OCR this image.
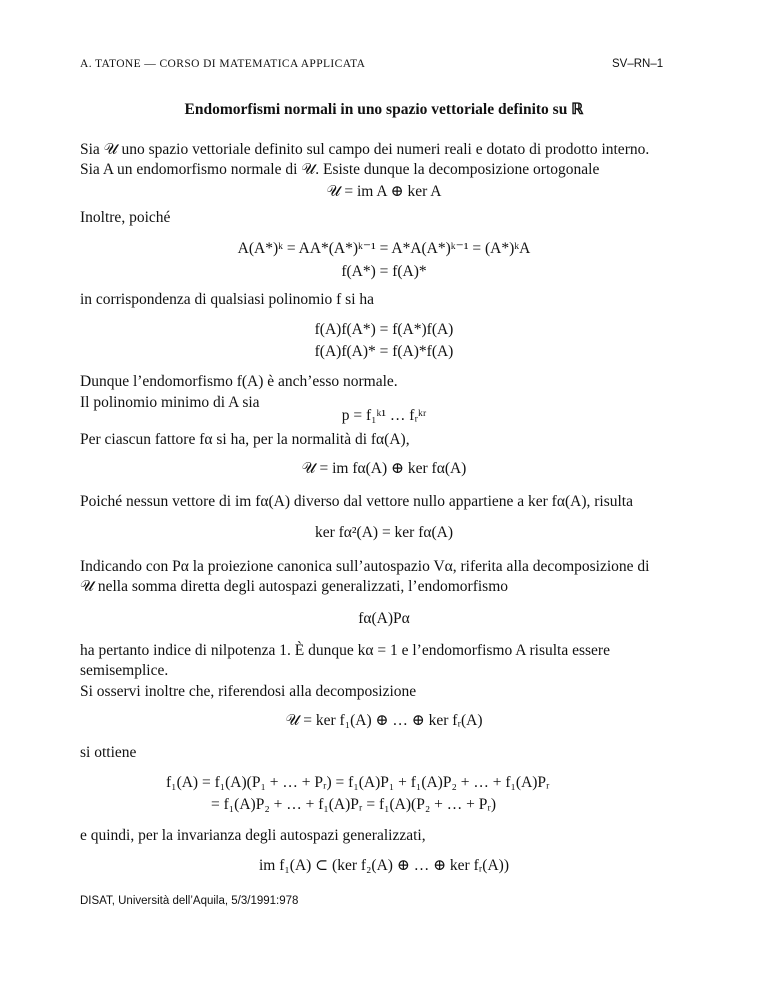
A. TATONE — CORSO DI MATEMATICA APPLICATA	SV–RN–1
Endomorfismi normali in uno spazio vettoriale definito su ℝ
Sia 𝒰 uno spazio vettoriale definito sul campo dei numeri reali e dotato di prodotto interno.
Sia A un endomorfismo normale di 𝒰. Esiste dunque la decomposizione ortogonale
𝒰 = im A ⊕ ker A
Inoltre, poiché
A(A*)ᵏ = AA*(A*)ᵏ⁻¹ = A*A(A*)ᵏ⁻¹ = (A*)ᵏA
f(A*) = f(A)*
in corrispondenza di qualsiasi polinomio f si ha
f(A)f(A*) = f(A*)f(A)
f(A)f(A)* = f(A)*f(A)
Dunque l’endomorfismo f(A) è anch’esso normale.
Il polinomio minimo di A sia
p = f₁ᵏ¹ … fᵣᵏʳ
Per ciascun fattore fα si ha, per la normalità di fα(A),
𝒰 = im fα(A) ⊕ ker fα(A)
Poiché nessun vettore di im fα(A) diverso dal vettore nullo appartiene a ker fα(A), risulta
ker fα²(A) = ker fα(A)
Indicando con Pα la proiezione canonica sull’autospazio Vα, riferita alla decomposizione di
𝒰 nella somma diretta degli autospazi generalizzati, l’endomorfismo
fα(A)Pα
ha pertanto indice di nilpotenza 1. È dunque kα = 1 e l’endomorfismo A risulta essere
semisemplice.
Si osservi inoltre che, riferendosi alla decomposizione
𝒰 = ker f₁(A) ⊕ … ⊕ ker fᵣ(A)
si ottiene
f₁(A) = f₁(A)(P₁ + … + Pᵣ) = f₁(A)P₁ + f₁(A)P₂ + … + f₁(A)Pᵣ
= f₁(A)P₂ + … + f₁(A)Pᵣ = f₁(A)(P₂ + … + Pᵣ)
e quindi, per la invarianza degli autospazi generalizzati,
im f₁(A) ⊂ (ker f₂(A) ⊕ … ⊕ ker fᵣ(A))
DISAT, Università dell’Aquila, 5/3/1991:978
